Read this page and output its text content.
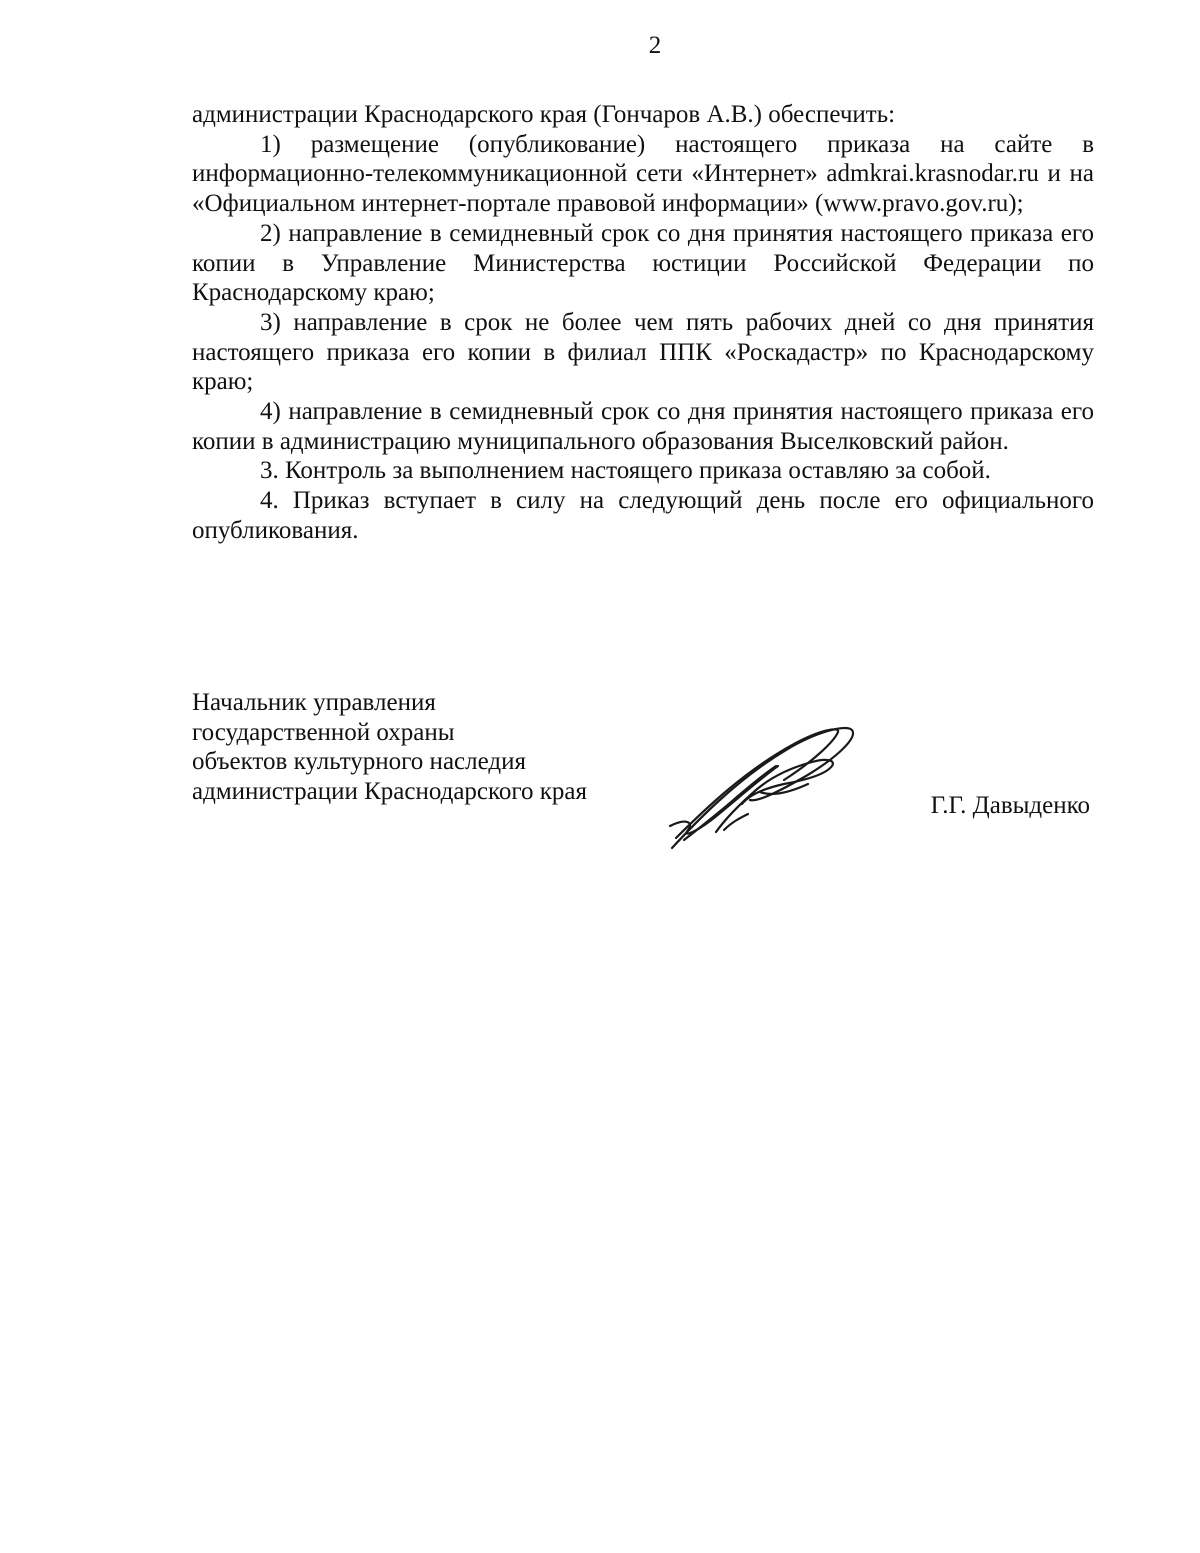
2

администрации Краснодарского края (Гончаров А.В.) обеспечить:

1) размещение (опубликование) настоящего приказа на сайте в информационно-телекоммуникационной сети «Интернет» admkrai.krasnodar.ru и на «Официальном интернет-портале правовой информации» (www.pravo.gov.ru);

2) направление в семидневный срок со дня принятия настоящего приказа его копии в Управление Министерства юстиции Российской Федерации по Краснодарскому краю;

3) направление в срок не более чем пять рабочих дней со дня принятия настоящего приказа его копии в филиал ППК «Роскадастр» по Краснодарскому краю;

4) направление в семидневный срок со дня принятия настоящего приказа его копии в администрацию муниципального образования Выселковский район.

3. Контроль за выполнением настоящего приказа оставляю за собой.

4. Приказ вступает в силу на следующий день после его официального опубликования.

Начальник управления
государственной охраны
объектов культурного наследия
администрации Краснодарского края
Г.Г. Давыденко
